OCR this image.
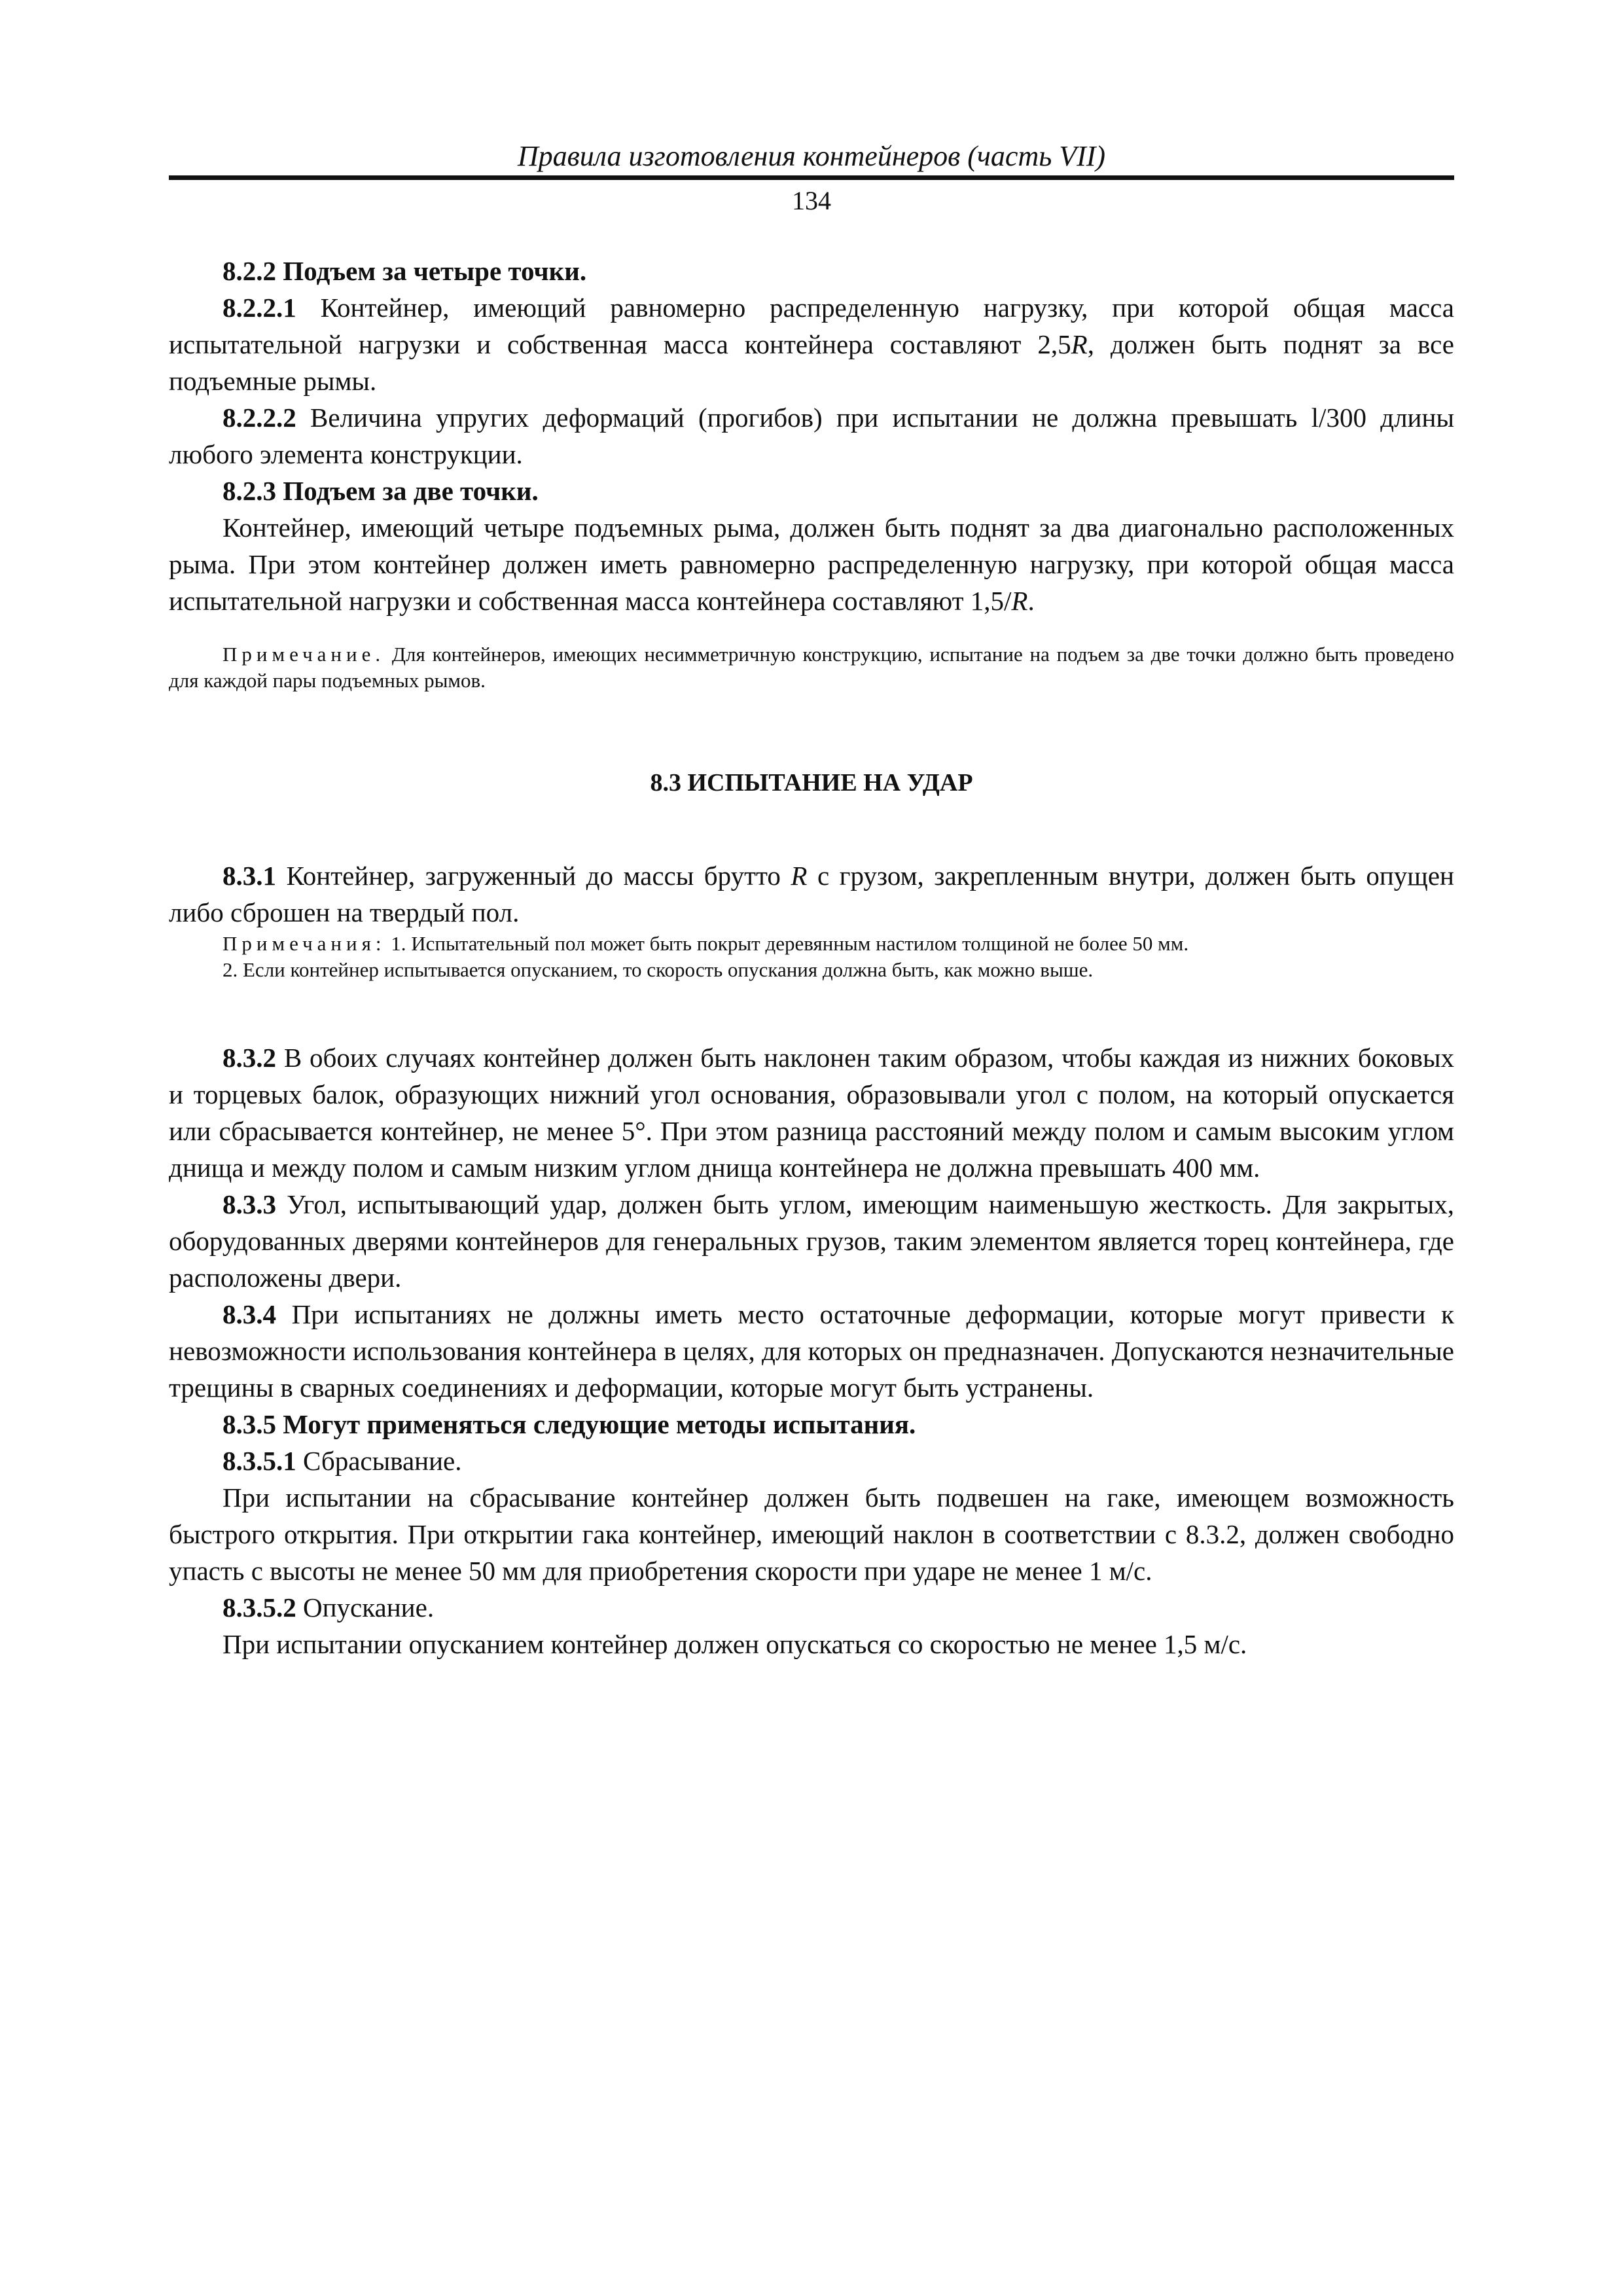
Правила изготовления контейнеров (часть VII)
134

8.2.2 Подъем за четыре точки.

8.2.2.1 Контейнер, имеющий равномерно распределенную нагрузку, при которой общая масса испытательной нагрузки и собственная масса контейнера составляют 2,5R, должен быть поднят за все подъемные рымы.

8.2.2.2 Величина упругих деформаций (прогибов) при испытании не должна превышать l/300 длины любого элемента конструкции.

8.2.3 Подъем за две точки.

Контейнер, имеющий четыре подъемных рыма, должен быть поднят за два диагонально расположенных рыма. При этом контейнер должен иметь равномерно распределенную нагрузку, при которой общая масса испытательной нагрузки и собственная масса контейнера составляют 1,5/R.

Примечание. Для контейнеров, имеющих несимметричную конструкцию, испытание на подъем за две точки должно быть проведено для каждой пары подъемных рымов.

8.3 ИСПЫТАНИЕ НА УДАР

8.3.1 Контейнер, загруженный до массы брутто R с грузом, закрепленным внутри, должен быть опущен либо сброшен на твердый пол.

Примечания: 1. Испытательный пол может быть покрыт деревянным настилом толщиной не более 50 мм.

2. Если контейнер испытывается опусканием, то скорость опускания должна быть, как можно выше.

8.3.2 В обоих случаях контейнер должен быть наклонен таким образом, чтобы каждая из нижних боковых и торцевых балок, образующих нижний угол основания, образовывали угол с полом, на который опускается или сбрасывается контейнер, не менее 5°. При этом разница расстояний между полом и самым высоким углом днища и между полом и самым низким углом днища контейнера не должна превышать 400 мм.

8.3.3 Угол, испытывающий удар, должен быть углом, имеющим наименьшую жесткость. Для закрытых, оборудованных дверями контейнеров для генеральных грузов, таким элементом является торец контейнера, где расположены двери.

8.3.4 При испытаниях не должны иметь место остаточные деформации, которые могут привести к невозможности использования контейнера в целях, для которых он предназначен. Допускаются незначительные трещины в сварных соединениях и деформации, которые могут быть устранены.

8.3.5 Могут применяться следующие методы испытания.

8.3.5.1 Сбрасывание.

При испытании на сбрасывание контейнер должен быть подвешен на гаке, имеющем возможность быстрого открытия. При открытии гака контейнер, имеющий наклон в соответствии с 8.3.2, должен свободно упасть с высоты не менее 50 мм для приобретения скорости при ударе не менее 1 м/с.

8.3.5.2 Опускание.

При испытании опусканием контейнер должен опускаться со скоростью не менее 1,5 м/с.
